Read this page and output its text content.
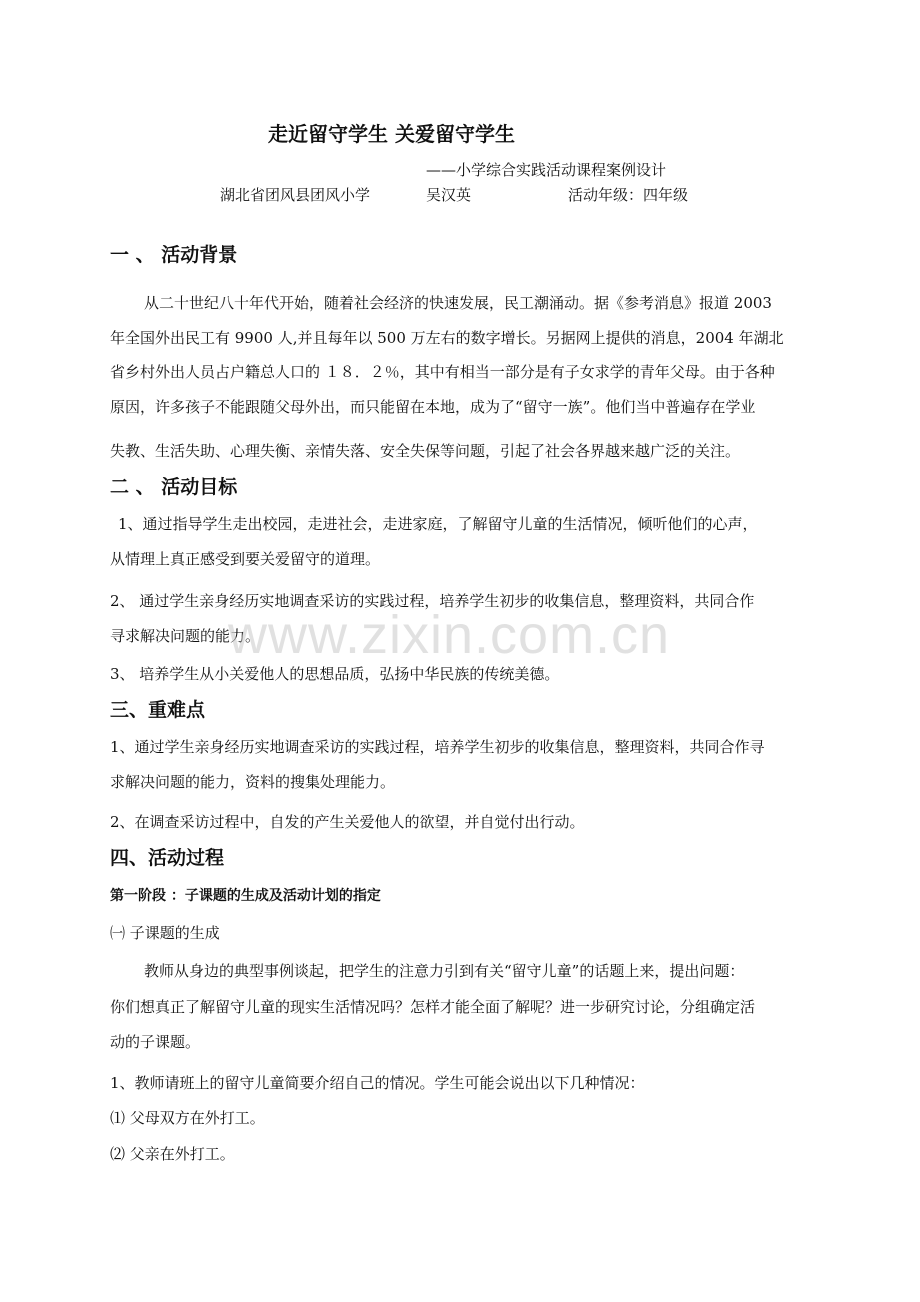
走近留守学生 关爱留守学生
——小学综合实践活动课程案例设计
湖北省团风县团风小学	吴汉英	活动年级：四年级
一 、 活动背景
从二十世纪八十年代开始，随着社会经济的快速发展，民工潮涌动。据《参考消息》报道 2003
年全国外出民工有 9900 人,并且每年以 500 万左右的数字增长。另据网上提供的消息，2004 年湖北
省乡村外出人员占户籍总人口的 １８．２％，其中有相当一部分是有子女求学的青年父母。由于各种
原因，许多孩子不能跟随父母外出，而只能留在本地，成为了“留守一族”。他们当中普遍存在学业
失教、生活失助、心理失衡、亲情失落、安全失保等问题，引起了社会各界越来越广泛的关注。
二 、 活动目标
1、通过指导学生走出校园，走进社会，走进家庭，了解留守儿童的生活情况，倾听他们的心声，
从情理上真正感受到要关爱留守的道理。
2、 通过学生亲身经历实地调查采访的实践过程，培养学生初步的收集信息，整理资料，共同合作
寻求解决问题的能力。
3、 培养学生从小关爱他人的思想品质，弘扬中华民族的传统美德。
三、重难点
1、通过学生亲身经历实地调查采访的实践过程，培养学生初步的收集信息，整理资料，共同合作寻
求解决问题的能力，资料的搜集处理能力。
2、在调查采访过程中，自发的产生关爱他人的欲望，并自觉付出行动。
四、活动过程
第一阶段 ：子课题的生成及活动计划的指定
㈠ 子课题的生成
教师从身边的典型事例谈起，把学生的注意力引到有关“留守儿童”的话题上来，提出问题：
你们想真正了解留守儿童的现实生活情况吗？怎样才能全面了解呢？进一步研究讨论，分组确定活
动的子课题。
1、教师请班上的留守儿童简要介绍自己的情况。学生可能会说出以下几种情况：
⑴ 父母双方在外打工。
⑵ 父亲在外打工。
www.zixin.com.cn
